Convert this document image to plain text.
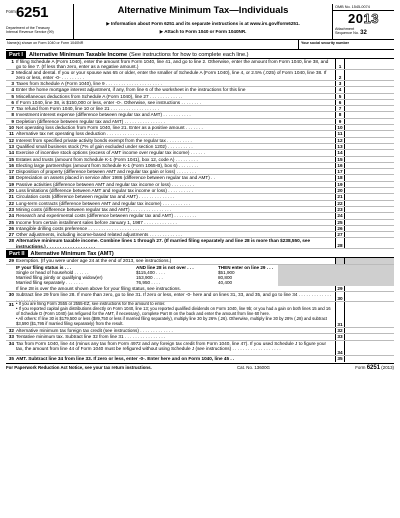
Form 6251
Department of the Treasury
Internal Revenue Service (99)
Alternative Minimum Tax—Individuals
▶ Information about Form 6251 and its separate instructions is at www.irs.gov/form6251.
▶ Attach to Form 1040 or Form 1040NR.
OMB No. 1545-0074
2013
Attachment
Sequence No. 32
Name(s) shown on Form 1040 or Form 1040NR	Your social security number
Part I	Alternative Minimum Taxable Income (See instructions for how to complete each line.)
1 If filing Schedule A (Form 1040), enter the amount from Form 1040, line 41, and go to line 2. Otherwise, enter the amount from Form 1040, line 38, and go to line 7. (If less than zero, enter as a negative amount.)	1
2 Medical and dental. If you or your spouse was 65 or older, enter the smaller of Schedule A (Form 1040), line 4, or 2.5% (.025) of Form 1040, line 38. If zero or less, enter -0- . . . . . . . . .	2
3 Taxes from Schedule A (Form 1040), line 9 . . . . . . . . . . . . . . . . . . . . . .	3
4 Enter the home mortgage interest adjustment, if any, from line 6 of the worksheet in the instructions for this line	4
5 Miscellaneous deductions from Schedule A (Form 1040), line 27 . . . . . . . . . . . . .	5
6 If Form 1040, line 38, is $150,000 or less, enter -0-. Otherwise, see instructions . . . . . . . .	6
7 Tax refund from Form 1040, line 10 or line 21 . . . . . . . . . . . . . . . . . . .	7
8 Investment interest expense (difference between regular tax and AMT) . . . . . . . . . . .	8
9 Depletion (difference between regular tax and AMT) . . . . . . . . . . . . . . . .	9
10 Net operating loss deduction from Form 1040, line 21. Enter as a positive amount . . . . . . .	10
11 Alternative tax net operating loss deduction . . . . . . . . . . . . . . . . . . . .	11
12 Interest from specified private activity bonds exempt from the regular tax . . . . . . . . . .	12
13 Qualified small business stock (7% of gain excluded under section 1202) . . . . . . . . . .	13
14 Exercise of incentive stock options (excess of AMT income over regular tax income) . . . . . .	14
15 Estates and trusts (amount from Schedule K-1 (Form 1041), box 12, code A) . . . . . . . . .	15
16 Electing large partnerships (amount from Schedule K-1 (Form 1065-B), box 6) . . . . . . . .	16
17 Disposition of property (difference between AMT and regular tax gain or loss) . . . . . . . .	17
18 Depreciation on assets placed in service after 1986 (difference between regular tax and AMT) . .	18
19 Passive activities (difference between AMT and regular tax income or loss) . . . . . . . . .	19
20 Loss limitations (difference between AMT and regular tax income or loss) . . . . . . . . . .	20
21 Circulation costs (difference between regular tax and AMT) . . . . . . . . . . . . . .	21
22 Long-term contracts (difference between AMT and regular tax income) . . . . . . . . . . .	22
23 Mining costs (difference between regular tax and AMT) . . . . . . . . . . . . . . . .	23
24 Research and experimental costs (difference between regular tax and AMT) . . . . . . . . .	24
25 Income from certain installment sales before January 1, 1987 . . . . . . . . . . . . .	25
26 Intangible drilling costs preference . . . . . . . . . . . . . . . . . . . . . .	26
27 Other adjustments, including income-based related adjustments . . . . . . . . . . . . .	27
28 Alternative minimum taxable income. Combine lines 1 through 27. (If married filing separately and line 28 is more than $238,550, see instructions.) . . . . . . . . . . . . . . . . . . .	28
Part II	Alternative Minimum Tax (AMT)
29 Exemption. (If you were under age 24 at the end of 2013, see instructions.)
IF your filing status is . . .	AND line 28 is not over . . .	THEN enter on line 29 . . .
Single or head of household . . . . . .	$115,400 . . . .	$51,900
Married filing jointly or qualifying widow(er)	153,900 . . . .	80,800
Married filing separately . . . . . . .	76,950 . . . .	40,400
If line 28 is over the amount shown above for your filing status, see instructions.	29
30 Subtract line 29 from line 28. If more than zero, go to line 31. If zero or less, enter -0- here and on lines 31, 33, and 35, and go to line 34 . . . . . . . . . . . . . . . . . . . . . .	30
31 • If you are filing Form 2555 or 2555-EZ, see instructions for the amount to enter.
• If you reported capital gain distributions directly on Form 1040, line 13; you reported qualified dividends on Form 1040, line 9b; or you had a gain on both lines 15 and 16 of Schedule D (Form 1040) (as refigured for the AMT, if necessary), complete Part III on the back and enter the amount from line 60 here.
• All others: If line 30 is $179,500 or less ($89,750 or less if married filing separately), multiply line 30 by 26% (.26). Otherwise, multiply line 30 by 28% (.28) and subtract $3,590 ($1,795 if married filing separately) from the result.	31
32 Alternative minimum tax foreign tax credit (see instructions) . . . . . . . . . . . . .	32
33 Tentative minimum tax. Subtract line 32 from line 31 . . . . . . . . . . . . . . . .	33
34 Tax from Form 1040, line 44 (minus any tax from Form 4972 and any foreign tax credit from Form 1040, line 47). If you used Schedule J to figure your tax, the amount from line 44 of Form 1040 must be refigured without using Schedule J (see instructions) . . . . . . . . . . . . . . . . . . .
34
35 AMT. Subtract line 34 from line 33. If zero or less, enter -0-. Enter here and on Form 1040, line 45 . .	35
For Paperwork Reduction Act Notice, see your tax return instructions.	Cat. No. 13600G	Form 6251 (2013)
